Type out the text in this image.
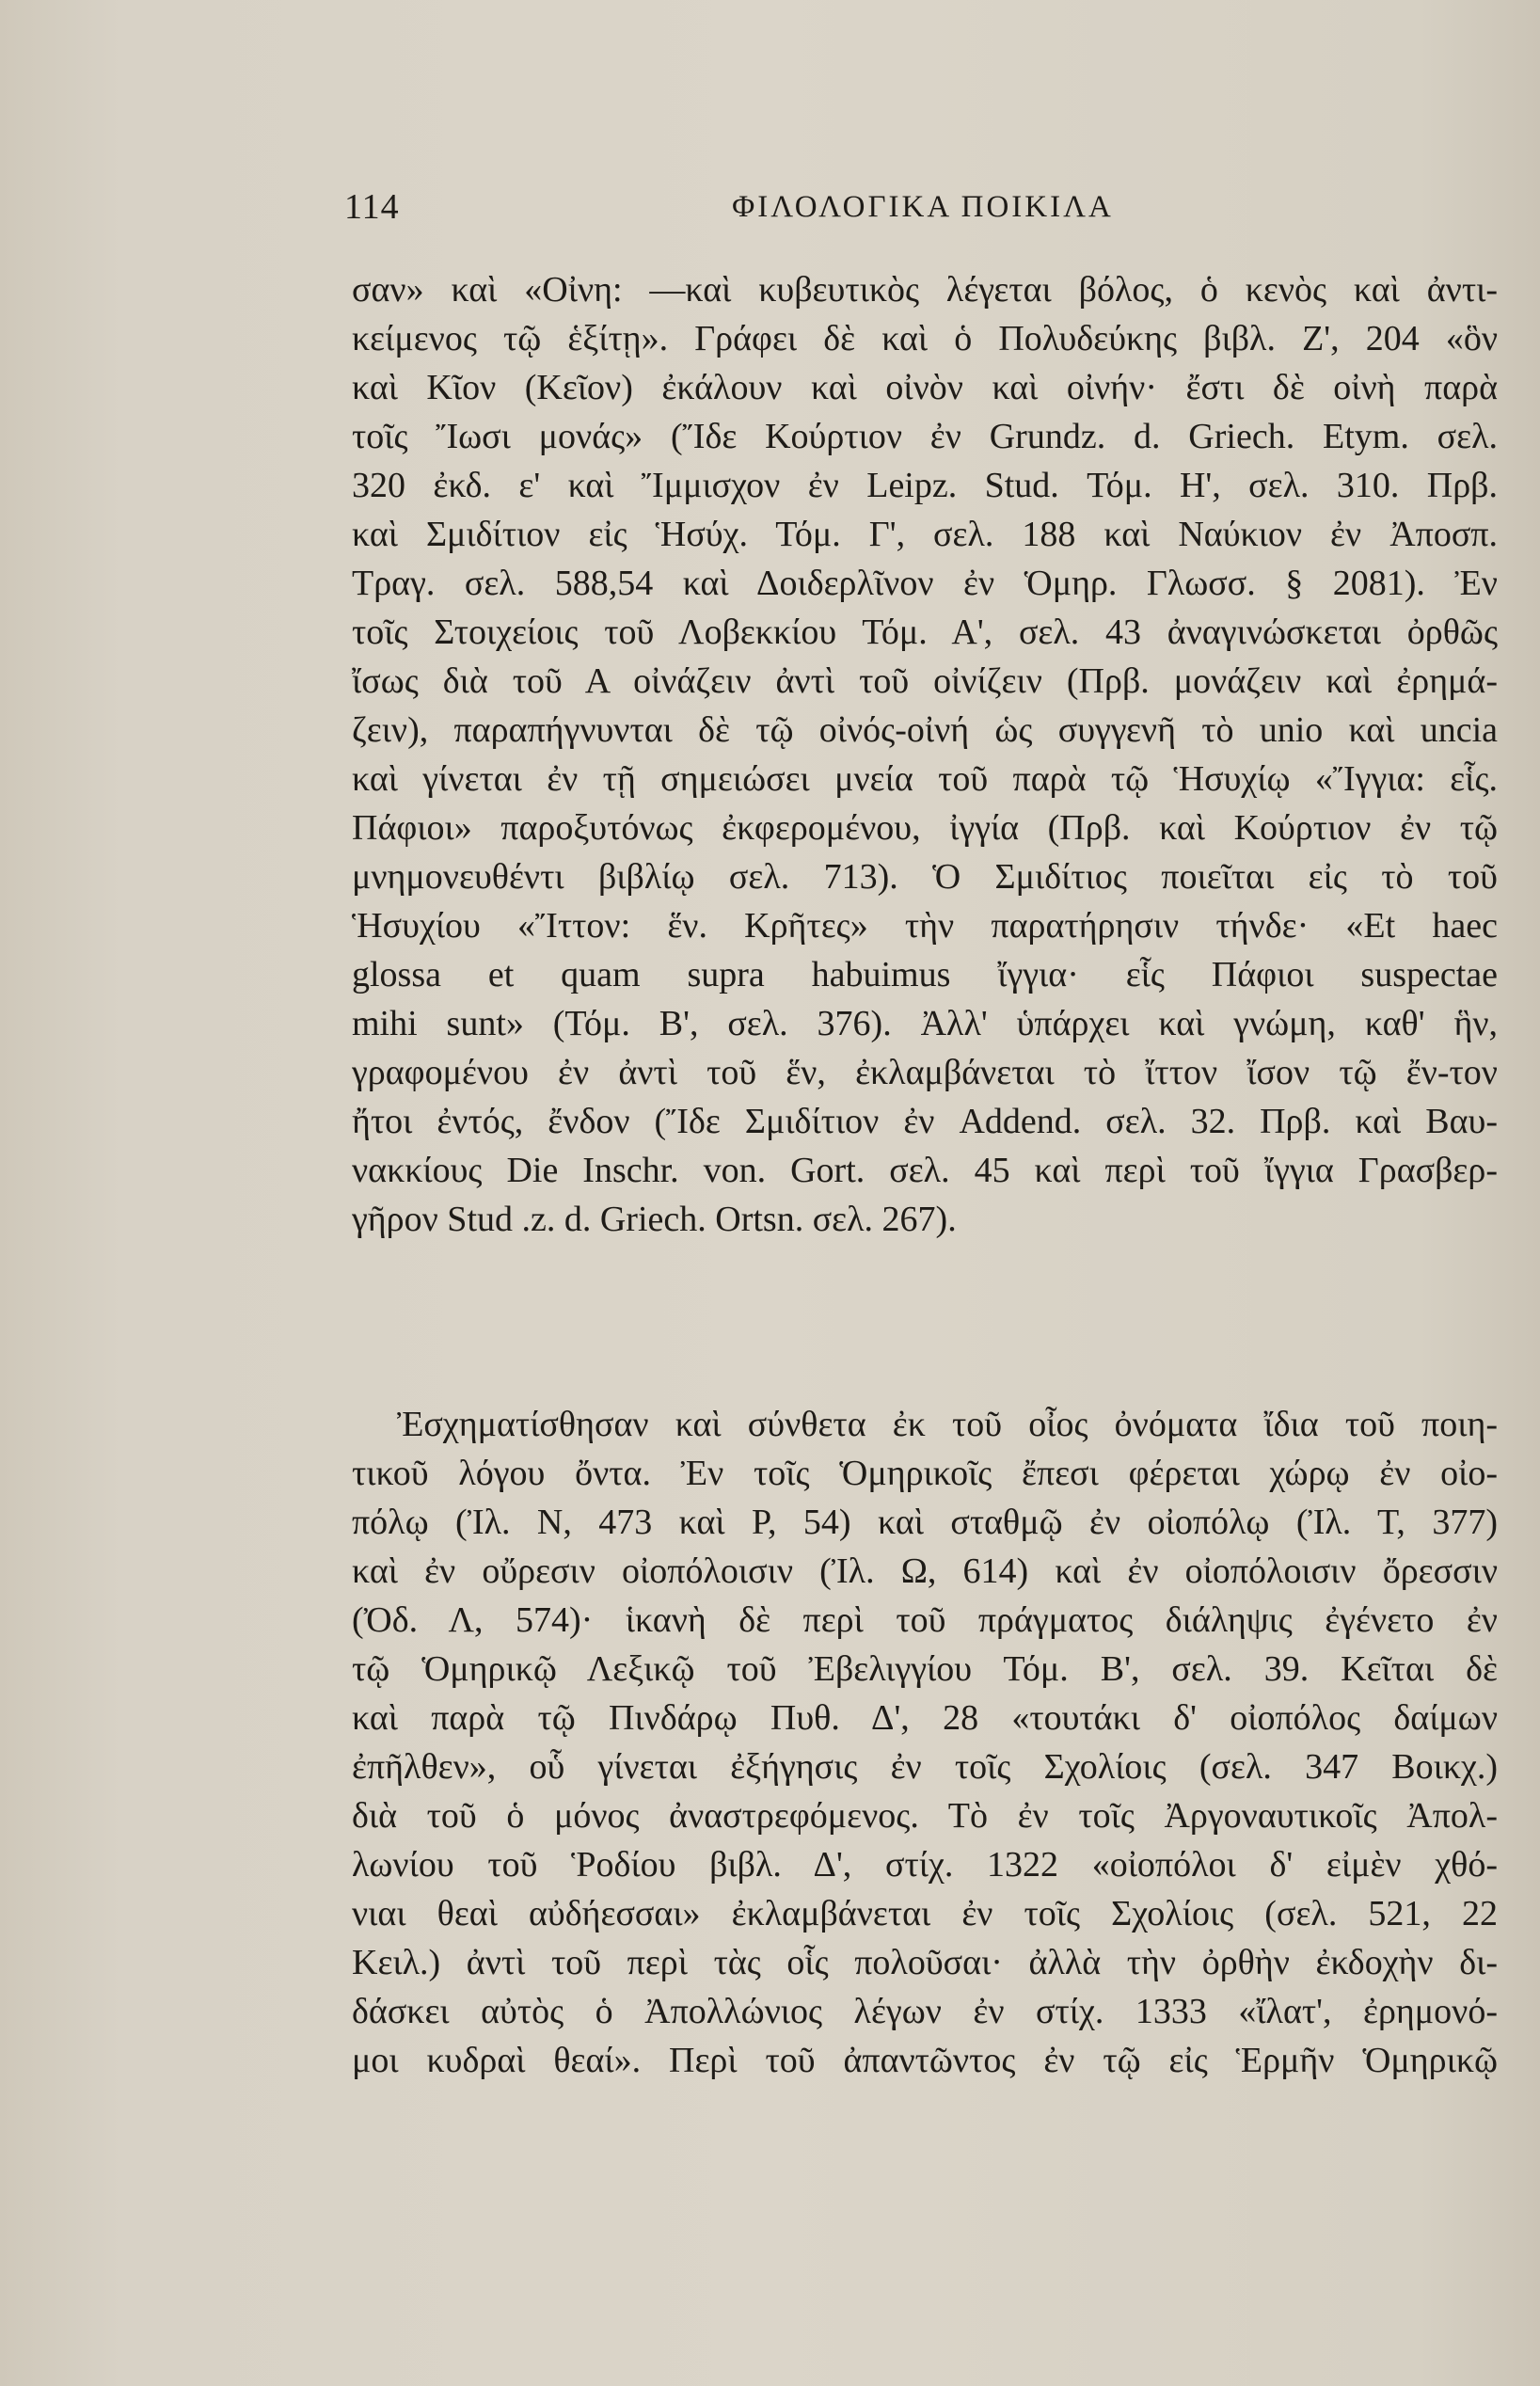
114	ΦΙΛΟΛΟΓΙΚΑ ΠΟΙΚΙΛΑ
σαν» καὶ «Οἰνη: —καὶ κυβευτικὸς λέγεται βόλος, ὁ κενὸς καὶ ἀντι-
κείμενος τῷ ἑξίτῃ». Γράφει δὲ καὶ ὁ Πολυδεύκης βιβλ. Ζ', 204 «ὃν
καὶ Κῖον (Κεῖον) ἐκάλουν καὶ οἰνὸν καὶ οἰνήν· ἔστι δὲ οἰνὴ παρὰ
τοῖς Ἴωσι μονάς» (Ἴδε Κούρτιον ἐν Grundz. d. Griech. Etym. σελ.
320 ἐκδ. ε' καὶ Ἴμμισχον ἐν Leipz. Stud. Τόμ. Η', σελ. 310. Πρβ.
καὶ Σμιδίτιον εἰς Ἡσύχ. Τόμ. Γ', σελ. 188 καὶ Ναύκιον ἐν Ἀποσπ.
Τραγ. σελ. 588,54 καὶ Δοιδερλῖνον ἐν Ὁμηρ. Γλωσσ. § 2081). Ἐν
τοῖς Στοιχείοις τοῦ Λοβεκκίου Τόμ. Α', σελ. 43 ἀναγινώσκεται ὀρθῶς
ἴσως διὰ τοῦ Α οἰνάζειν ἀντὶ τοῦ οἰνίζειν (Πρβ. μονάζειν καὶ ἐρημά-
ζειν), παραπήγνυνται δὲ τῷ οἰνός-οἰνή ὡς συγγενῆ τὸ unio καὶ uncia
καὶ γίνεται ἐν τῇ σημειώσει μνεία τοῦ παρὰ τῷ Ἡσυχίῳ «Ἴγγια: εἷς.
Πάφιοι» παροξυτόνως ἐκφερομένου, ἰγγία (Πρβ. καὶ Κούρτιον ἐν τῷ
μνημονευθέντι βιβλίῳ σελ. 713). Ὁ Σμιδίτιος ποιεῖται εἰς τὸ τοῦ
Ἡσυχίου «Ἴττον: ἕν. Κρῆτες» τὴν παρατήρησιν τήνδε· «Et haec
glossa et quam supra habuimus ἴγγια· εἷς Πάφιοι suspectae
mihi sunt» (Τόμ. Β', σελ. 376). Ἀλλ' ὑπάρχει καὶ γνώμη, καθ' ἣν,
γραφομένου ἐν ἀντὶ τοῦ ἕν, ἐκλαμβάνεται τὸ ἴττον ἴσον τῷ ἔν-τον
ἤτοι ἐντός, ἔνδον (Ἴδε Σμιδίτιον ἐν Addend. σελ. 32. Πρβ. καὶ Βαυ-
νακκίους Die Inschr. von. Gort. σελ. 45 καὶ περὶ τοῦ ἴγγια Γρασβερ-
γῆρον Stud .z. d. Griech. Ortsn. σελ. 267).
Ἐσχηματίσθησαν καὶ σύνθετα ἐκ τοῦ οἶος ὀνόματα ἴδια τοῦ ποιη-
τικοῦ λόγου ὄντα. Ἐν τοῖς Ὁμηρικοῖς ἔπεσι φέρεται χώρῳ ἐν οἰο-
πόλῳ (Ἰλ. Ν, 473 καὶ Ρ, 54) καὶ σταθμῷ ἐν οἰοπόλῳ (Ἰλ. Τ, 377)
καὶ ἐν οὔρεσιν οἰοπόλοισιν (Ἰλ. Ω, 614) καὶ ἐν οἰοπόλοισιν ὄρεσσιν
(Ὀδ. Λ, 574)· ἱκανὴ δὲ περὶ τοῦ πράγματος διάληψις ἐγένετο ἐν
τῷ Ὁμηρικῷ Λεξικῷ τοῦ Ἐβελιγγίου Τόμ. Β', σελ. 39. Κεῖται δὲ
καὶ παρὰ τῷ Πινδάρῳ Πυθ. Δ', 28 «τουτάκι δ' οἰοπόλος δαίμων
ἐπῆλθεν», οὗ γίνεται ἐξήγησις ἐν τοῖς Σχολίοις (σελ. 347 Βοικχ.)
διὰ τοῦ ὁ μόνος ἀναστρεφόμενος. Τὸ ἐν τοῖς Ἀργοναυτικοῖς Ἀπολ-
λωνίου τοῦ Ῥοδίου βιβλ. Δ', στίχ. 1322 «οἰοπόλοι δ' εἰμὲν χθό-
νιαι θεαὶ αὐδήεσσαι» ἐκλαμβάνεται ἐν τοῖς Σχολίοις (σελ. 521, 22
Κειλ.) ἀντὶ τοῦ περὶ τὰς οἷς πολοῦσαι· ἀλλὰ τὴν ὀρθὴν ἐκδοχὴν δι-
δάσκει αὐτὸς ὁ Ἀπολλώνιος λέγων ἐν στίχ. 1333 «ἴλατ', ἐρημονό-
μοι κυδραὶ θεαί». Περὶ τοῦ ἀπαντῶντος ἐν τῷ εἰς Ἑρμῆν Ὁμηρικῷ
